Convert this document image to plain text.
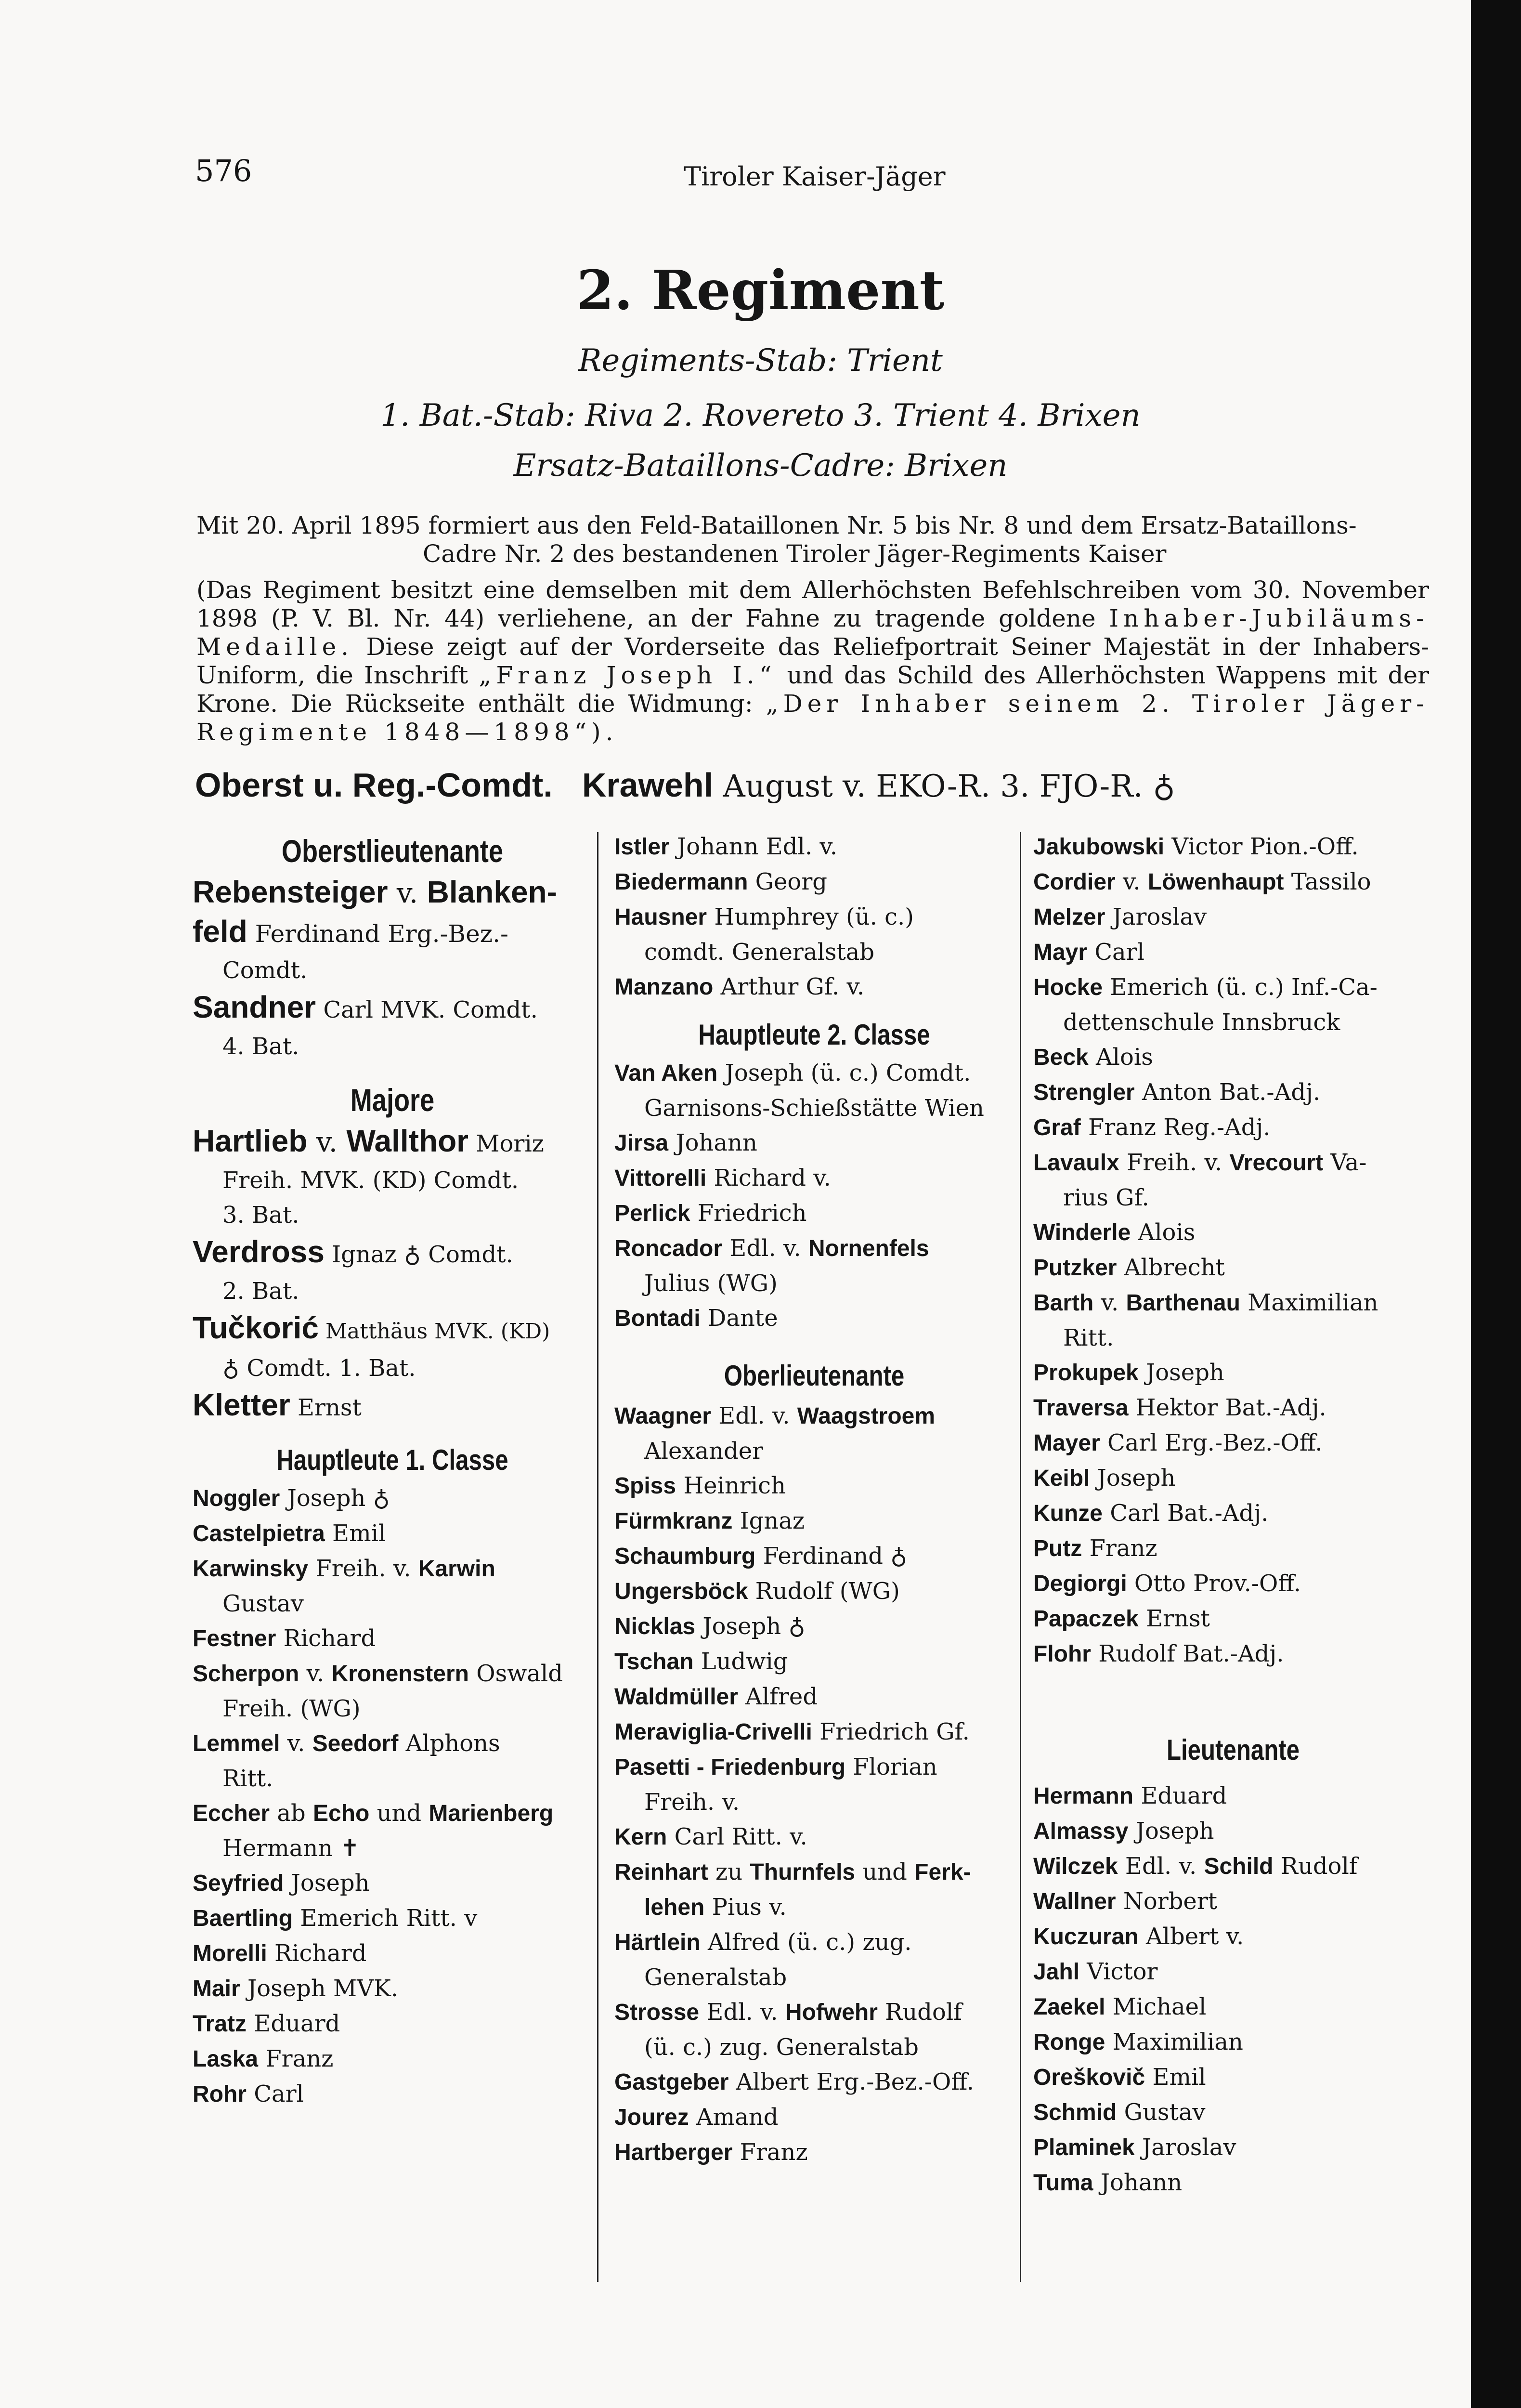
576	Tiroler Kaiser-Jäger
2. Regiment
Regiments-Stab: Trient
1. Bat.-Stab: Riva 2. Rovereto 3. Trient 4. Brixen
Ersatz-Bataillons-Cadre: Brixen
Mit 20. April 1895 formiert aus den Feld-Bataillonen Nr. 5 bis Nr. 8 und dem Ersatz-Bataillons-
Cadre Nr. 2 des bestandenen Tiroler Jäger-Regiments Kaiser
(Das Regiment besitzt eine demselben mit dem Allerhöchsten Befehlschreiben vom 30. November 1898 (P. V. Bl. Nr. 44) verliehene, an der Fahne zu tragende goldene Inhaber-Jubiläums-Medaille. Diese zeigt auf der Vorderseite das Reliefportrait Seiner Majestät in der Inhabers-Uniform, die Inschrift „Franz Joseph I.“ und das Schild des Allerhöchsten Wappens mit der Krone. Die Rückseite enthält die Widmung: „Der Inhaber seinem 2. Tiroler Jäger-Regimente 1848—1898“).
Oberst u. Reg.-Comdt. Krawehl August v. EKO-R. 3. FJO-R. ♁

Oberstlieutenante

Rebensteiger v. Blanken-

feld Ferdinand Erg.-Bez.-

Comdt.

Sandner Carl MVK. Comdt.

4. Bat.

Majore

Hartlieb v. Wallthor Moriz

Freih. MVK. (KD) Comdt.

3. Bat.

Verdross Ignaz ♁ Comdt.

2. Bat.

Tučkorić Matthäus MVK. (KD)

♁ Comdt. 1. Bat.

Kletter Ernst

Hauptleute 1. Classe

Noggler Joseph ♁

Castelpietra Emil

Karwinsky Freih. v. Karwin

Gustav

Festner Richard

Scherpon v. Kronenstern Oswald

Freih. (WG)

Lemmel v. Seedorf Alphons

Ritt.

Eccher ab Echo und Marienberg

Hermann ✝

Seyfried Joseph

Baertling Emerich Ritt. v

Morelli Richard

Mair Joseph MVK.

Tratz Eduard

Laska Franz

Rohr Carl

Istler Johann Edl. v.

Biedermann Georg

Hausner Humphrey (ü. c.)

comdt. Generalstab

Manzano Arthur Gf. v.

Hauptleute 2. Classe

Van Aken Joseph (ü. c.) Comdt.

Garnisons-Schießstätte Wien

Jirsa Johann

Vittorelli Richard v.

Perlick Friedrich

Roncador Edl. v. Nornenfels

Julius (WG)

Bontadi Dante

Oberlieutenante

Waagner Edl. v. Waagstroem

Alexander

Spiss Heinrich

Fürmkranz Ignaz

Schaumburg Ferdinand ♁

Ungersböck Rudolf (WG)

Nicklas Joseph ♁

Tschan Ludwig

Waldmüller Alfred

Meraviglia-Crivelli Friedrich Gf.

Pasetti - Friedenburg Florian

Freih. v.

Kern Carl Ritt. v.

Reinhart zu Thurnfels und Ferk-

lehen Pius v.

Härtlein Alfred (ü. c.) zug.

Generalstab

Strosse Edl. v. Hofwehr Rudolf

(ü. c.) zug. Generalstab

Gastgeber Albert Erg.-Bez.-Off.

Jourez Amand

Hartberger Franz

Jakubowski Victor Pion.-Off.

Cordier v. Löwenhaupt Tassilo

Melzer Jaroslav

Mayr Carl

Hocke Emerich (ü. c.) Inf.-Ca-

dettenschule Innsbruck

Beck Alois

Strengler Anton Bat.-Adj.

Graf Franz Reg.-Adj.

Lavaulx Freih. v. Vrecourt Va-

rius Gf.

Winderle Alois

Putzker Albrecht

Barth v. Barthenau Maximilian

Ritt.

Prokupek Joseph

Traversa Hektor Bat.-Adj.

Mayer Carl Erg.-Bez.-Off.

Keibl Joseph

Kunze Carl Bat.-Adj.

Putz Franz

Degiorgi Otto Prov.-Off.

Papaczek Ernst

Flohr Rudolf Bat.-Adj.

Lieutenante

Hermann Eduard

Almassy Joseph

Wilczek Edl. v. Schild Rudolf

Wallner Norbert

Kuczuran Albert v.

Jahl Victor

Zaekel Michael

Ronge Maximilian

Oreškovič Emil

Schmid Gustav

Plaminek Jaroslav

Tuma Johann
